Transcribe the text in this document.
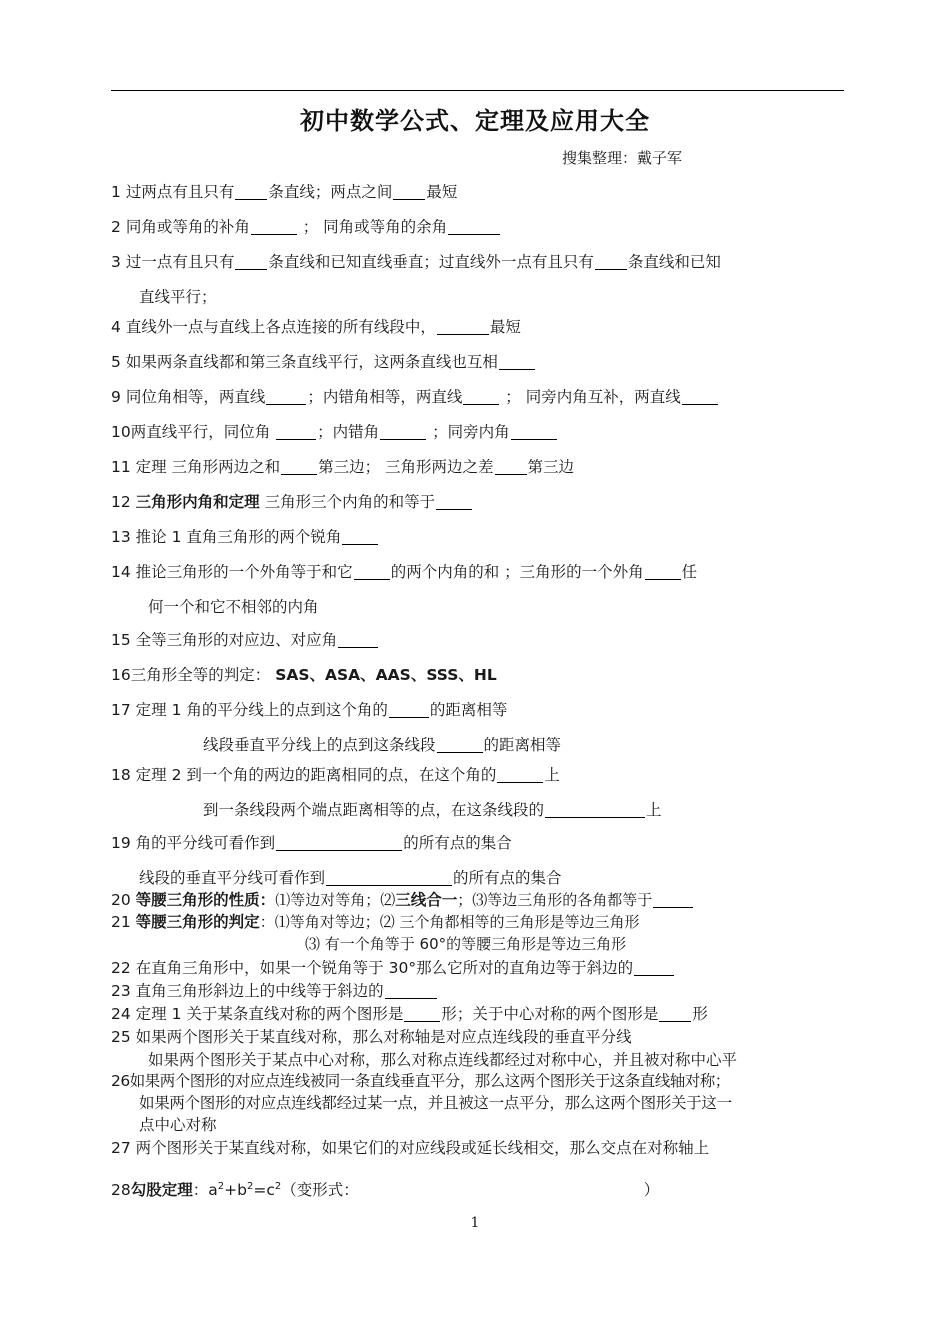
初中数学公式、定理及应用大全
搜集整理：戴子军
1 过两点有且只有 条直线；两点之间 最短
2 同角或等角的补角	； 同角或等角的余角
3 过一点有且只有 条直线和已知直线垂直；过直线外一点有且只有 条直线和已知
直线平行；
4 直线外一点与直线上各点连接的所有线段中，	最短
5 如果两条直线都和第三条直线平行，这两条直线也互相
9 同位角相等，两直线	；内错角相等，两直线 ； 同旁内角互补，两直线
10两直线平行，同位角	；内错角	；同旁内角
11 定理 三角形两边之和 第三边； 三角形两边之差 第三边
12 三角形内角和定理 三角形三个内角的和等于
13 推论 1 直角三角形的两个锐角
14 推论三角形的一个外角等于和它 的两个内角的和 ；三角形的一个外角 任
何一个和它不相邻的内角
15 全等三角形的对应边、对应角
16三角形全等的判定： SAS、ASA、AAS、SSS、HL
17 定理 1 角的平分线上的点到这个角的	的距离相等
线段垂直平分线上的点到这条线段	的距离相等
18 定理 2 到一个角的两边的距离相同的点，在这个角的	上
到一条线段两个端点距离相等的点，在这条线段的	上
19 角的平分线可看作到	的所有点的集合
线段的垂直平分线可看作到	的所有点的集合
20 等腰三角形的性质：⑴等边对等角；⑵三线合一；⑶等边三角形的各角都等于
21 等腰三角形的判定：⑴等角对等边；⑵ 三个角都相等的三角形是等边三角形
⑶ 有一个角等于 60°的等腰三角形是等边三角形
22 在直角三角形中，如果一个锐角等于 30°那么它所对的直角边等于斜边的
23 直角三角形斜边上的中线等于斜边的
24 定理 1 关于某条直线对称的两个图形是 形；关于中心对称的两个图形是 形
25 如果两个图形关于某直线对称，那么对称轴是对应点连线段的垂直平分线
如果两个图形关于某点中心对称，那么对称点连线都经过对称中心，并且被对称中心平
26如果两个图形的对应点连线被同一条直线垂直平分，那么这两个图形关于这条直线轴对称；
如果两个图形的对应点连线都经过某一点，并且被这一点平分，那么这两个图形关于这一
点中心对称
27 两个图形关于某直线对称，如果它们的对应线段或延长线相交，那么交点在对称轴上
28勾股定理：$a^2+b^2=c^2$（变形式：	）
1
